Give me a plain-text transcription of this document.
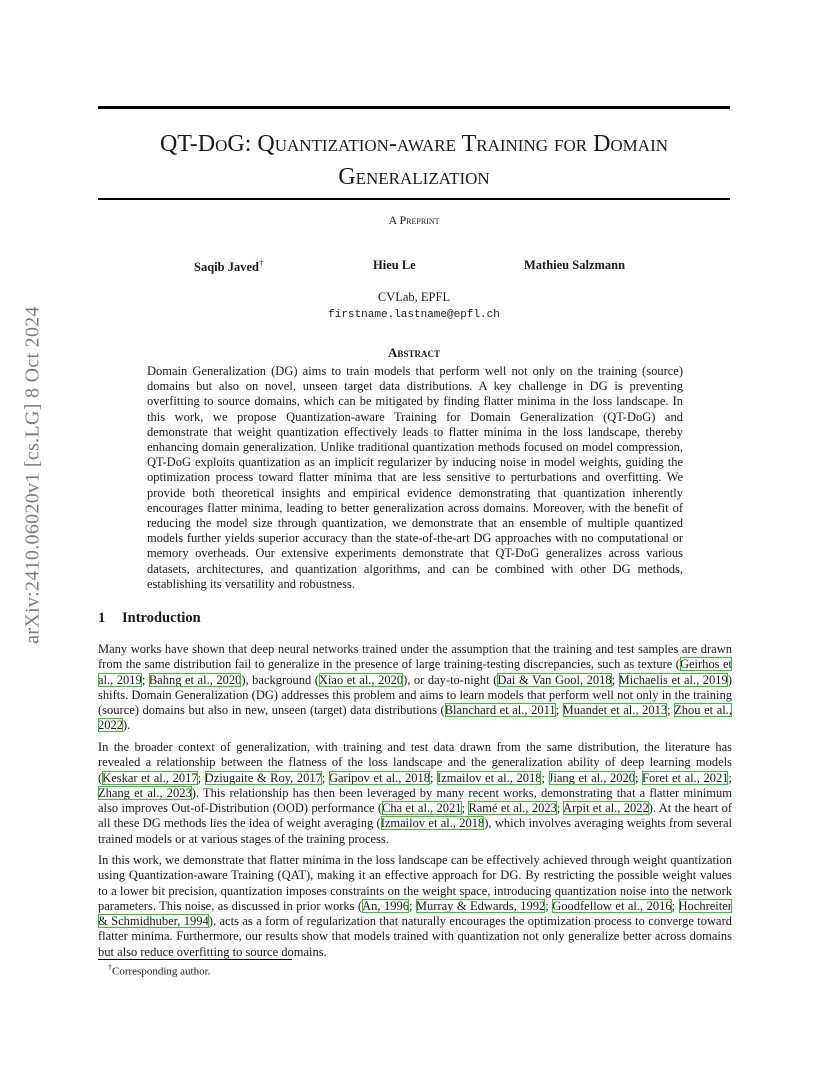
QT-DoG: Quantization-aware Training for Domain
Generalization
A Preprint
Saqib Javed†	Hieu Le	Mathieu Salzmann
CVLab, EPFL
firstname.lastname@epfl.ch
arXiv:2410.06020v1 [cs.LG] 8 Oct 2024	Abstract

Domain Generalization (DG) aims to train models that perform well not only on the training (source) domains but also on novel, unseen target data distributions. A key challenge in DG is preventing overfitting to source domains, which can be mitigated by finding flatter minima in the loss landscape. In this work, we propose Quantization-aware Training for Domain Generalization (QT-DoG) and demonstrate that weight quantization effectively leads to flatter minima in the loss landscape, thereby enhancing domain generalization. Unlike traditional quantization methods focused on model compression, QT-DoG exploits quantization as an implicit regularizer by inducing noise in model weights, guiding the optimization process toward flatter minima that are less sensitive to perturbations and overfitting. We provide both theoretical insights and empirical evidence demonstrating that quantization inherently encourages flatter minima, leading to better generalization across domains. Moreover, with the benefit of reducing the model size through quantization, we demonstrate that an ensemble of multiple quantized models further yields superior accuracy than the state-of-the-art DG approaches with no computational or memory overheads. Our extensive experiments demonstrate that QT-DoG generalizes across various datasets, architectures, and quantization algorithms, and can be combined with other DG methods, establishing its versatility and robustness.

1 Introduction

Many works have shown that deep neural networks trained under the assumption that the training and test samples are drawn from the same distribution fail to generalize in the presence of large training-testing discrepancies, such as texture (Geirhos et al., 2019; Bahng et al., 2020), background (Xiao et al., 2020), or day-to-night (Dai & Van Gool, 2018; Michaelis et al., 2019) shifts. Domain Generalization (DG) addresses this problem and aims to learn models that perform well not only in the training (source) domains but also in new, unseen (target) data distributions (Blanchard et al., 2011; Muandet et al., 2013; Zhou et al., 2022).

In the broader context of generalization, with training and test data drawn from the same distribution, the literature has revealed a relationship between the flatness of the loss landscape and the generalization ability of deep learning models (Keskar et al., 2017; Dziugaite & Roy, 2017; Garipov et al., 2018; Izmailov et al., 2018; Jiang et al., 2020; Foret et al., 2021; Zhang et al., 2023). This relationship has then been leveraged by many recent works, demonstrating that a flatter minimum also improves Out-of-Distribution (OOD) performance (Cha et al., 2021; Ramé et al., 2023; Arpit et al., 2022). At the heart of all these DG methods lies the idea of weight averaging (Izmailov et al., 2018), which involves averaging weights from several trained models or at various stages of the training process.

In this work, we demonstrate that flatter minima in the loss landscape can be effectively achieved through weight quantization using Quantization-aware Training (QAT), making it an effective approach for DG. By restricting the possible weight values to a lower bit precision, quantization imposes constraints on the weight space, introducing quantization noise into the network parameters. This noise, as discussed in prior works (An, 1996; Murray & Edwards, 1992; Goodfellow et al., 2016; Hochreiter & Schmidhuber, 1994), acts as a form of regularization that naturally encourages the optimization process to converge toward flatter minima. Furthermore, our results show that models trained with quantization not only generalize better across domains but also reduce overfitting to source domains.

†Corresponding author.
